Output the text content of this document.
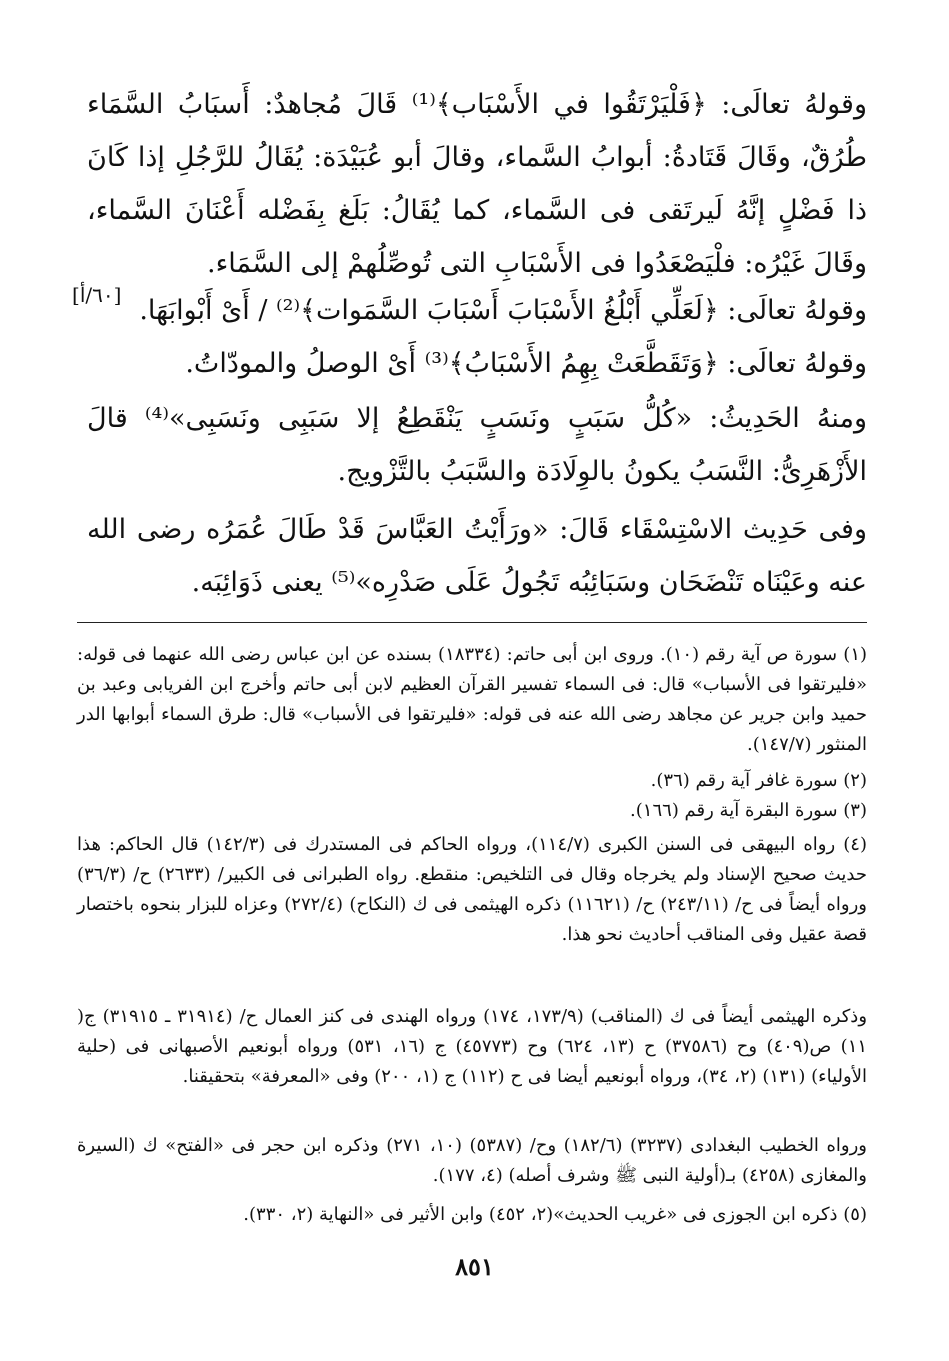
[٦٠/أ]

وقولهُ تعالَى: ﴿فَلْيَرْتَقُوا في الأَسْبَاب﴾⁽¹⁾ قَالَ مُجاهدٌ: أَسبَابُ السَّمَاء طُرُقٌ، وقَالَ قَتَادةُ: أبوابُ السَّماء، وقالَ أبو عُبَيْدَة: يُقَالُ للرَّجُلِ إذا كَانَ ذا فَضْلٍ إنَّهُ لَيرتَقى فى السَّماء، كما يُقَالُ: بَلَغ بِفَضْله أَعْنَانَ السَّماء، وقَالَ غَيْرُه: فلْيَصْعَدُوا فى الأَسْبَابِ التى تُوصِّلُهمْ إلى السَّمَاء.

وقولهُ تعالَى: ﴿لَعَلِّي أَبْلُغُ الأَسْبَابَ أَسْبَابَ السَّمَوات﴾⁽²⁾ / أَىْ أَبْوابَهَا.

وقولهُ تعالَى: ﴿وَتَقَطَّعَتْ بِهِمُ الأَسْبَابُ﴾⁽³⁾ أَىْ الوصلُ والمودّاتُ.

ومنهُ الحَدِيثُ: «كُلُّ سَبَبٍ ونَسَبٍ يَنْقَطِعُ إلا سَبَبِى ونَسَبِى»⁽⁴⁾ قالَ الأَزْهَرِىُّ: النَّسَبُ يكونُ بالوِلَادَة والسَّبَبُ بالتَّزْويج.

وفى حَدِيث الاسْتِسْقَاء قَالَ: «ورَأَيْتُ العَبَّاسَ قَدْ طَالَ عُمَرُه رضى الله عنه وعَيْنَاه تَنْضَحَان وسَبَائِبُه تَجُولُ عَلَى صَدْرِه»⁽⁵⁾ يعنى ذَوَائِبَه.

(١) سورة ص آية رقم (١٠). وروى ابن أبى حاتم: (١٨٣٣٤) بسنده عن ابن عباس رضى الله عنهما فى قوله: «فليرتقوا فى الأسباب» قال: فى السماء تفسير القرآن العظيم لابن أبى حاتم وأخرج ابن الفريابى وعبد بن حميد وابن جرير عن مجاهد رضى الله عنه فى قوله: «فليرتقوا فى الأسباب» قال: طرق السماء أبوابها الدر المنثور (١٤٧/٧).

(٢) سورة غافر آية رقم (٣٦).

(٣) سورة البقرة آية رقم (١٦٦).

(٤) رواه البيهقى فى السنن الكبرى (١١٤/٧)، ورواه الحاكم فى المستدرك فى (١٤٢/٣) قال الحاكم: هذا حديث صحيح الإسناد ولم يخرجاه وقال فى التلخيص: منقطع. رواه الطبرانى فى الكبير/ (٢٦٣٣) ح/ (٣٦/٣) ورواه أيضاً فى ح/ (٢٤٣/١١) ح/ (١١٦٢١) ذكره الهيثمى فى ك (النكاح) (٢٧٢/٤) وعزاه للبزار بنحوه باختصار قصة عقيل وفى المناقب أحاديث نحو هذا.

وذكره الهيثمى أيضاً فى ك (المناقب) (١٧٣/٩، ١٧٤) ورواه الهندى فى كنز العمال ح/ (٣١٩١٤ ـ ٣١٩١٥) ج( ١١) ص(٤٠٩) وح (٣٧٥٨٦) ح (١٣، ٦٢٤) وح (٤٥٧٧٣) ج (١٦، ٥٣١) ورواه أبونعيم الأصبهانى فى (حلية الأولياء) (١٣١) (٢، ٣٤)، ورواه أبونعيم أيضا فى ح (١١٢) ج (١، ٢٠٠) وفى «المعرفة» بتحقيقنا.

ورواه الخطيب البغدادى (٣٢٣٧) (١٨٢/٦) وح/ (٥٣٨٧) (١٠، ٢٧١) وذكره ابن حجر فى «الفتح» ك (السيرة والمغازى (٤٢٥٨) بـ(أولية النبى ﷺ وشرف أصله) (٤، ١٧٧).

(٥) ذكره ابن الجوزى فى «غريب الحديث»(٢، ٤٥٢) وابن الأثير فى «النهاية (٢، ٣٣٠).

٨٥١
